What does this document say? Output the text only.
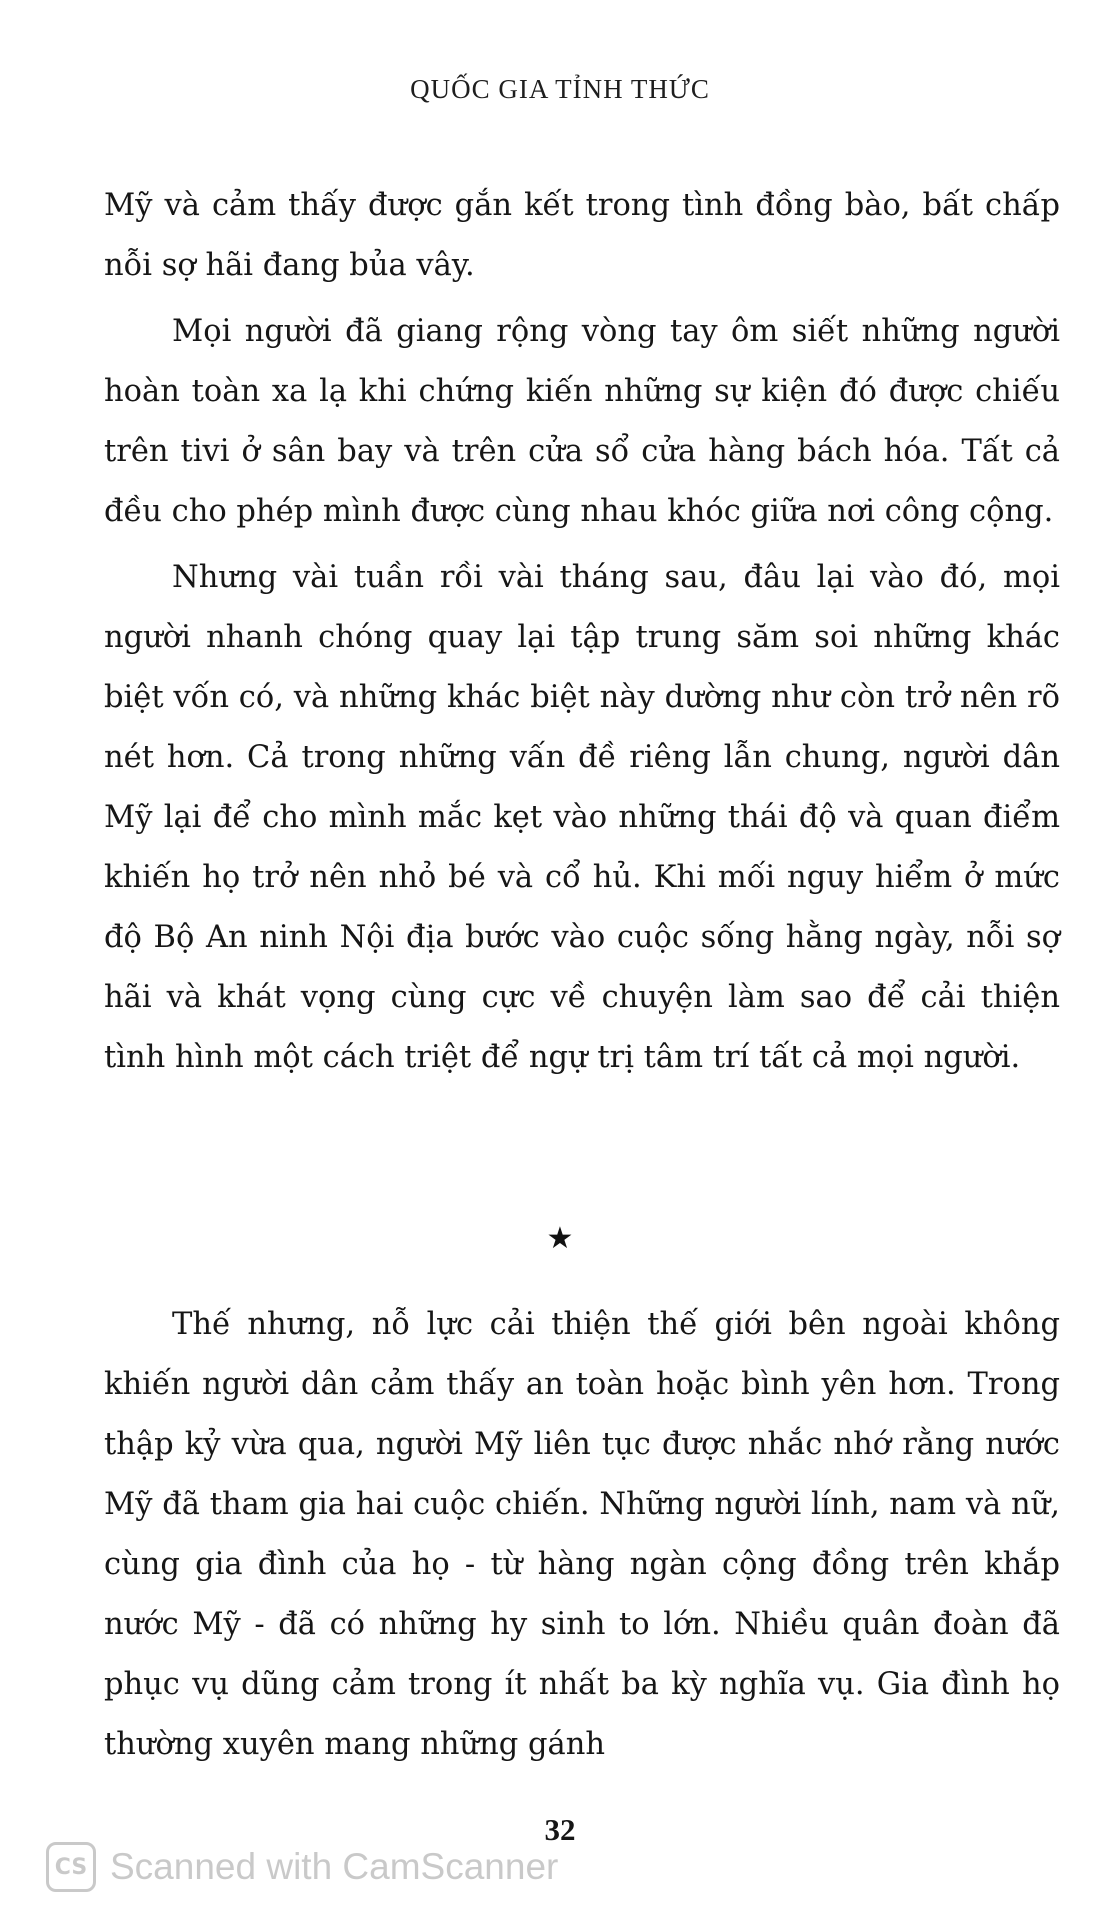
QUỐC GIA TỈNH THỨC

Mỹ và cảm thấy được gắn kết trong tình đồng bào, bất chấp nỗi sợ hãi đang bủa vây.

Mọi người đã giang rộng vòng tay ôm siết những người hoàn toàn xa lạ khi chứng kiến những sự kiện đó được chiếu trên tivi ở sân bay và trên cửa sổ cửa hàng bách hóa. Tất cả đều cho phép mình được cùng nhau khóc giữa nơi công cộng.

Nhưng vài tuần rồi vài tháng sau, đâu lại vào đó, mọi người nhanh chóng quay lại tập trung săm soi những khác biệt vốn có, và những khác biệt này dường như còn trở nên rõ nét hơn. Cả trong những vấn đề riêng lẫn chung, người dân Mỹ lại để cho mình mắc kẹt vào những thái độ và quan điểm khiến họ trở nên nhỏ bé và cổ hủ. Khi mối nguy hiểm ở mức độ Bộ An ninh Nội địa bước vào cuộc sống hằng ngày, nỗi sợ hãi và khát vọng cùng cực về chuyện làm sao để cải thiện tình hình một cách triệt để ngự trị tâm trí tất cả mọi người.

★

Thế nhưng, nỗ lực cải thiện thế giới bên ngoài không khiến người dân cảm thấy an toàn hoặc bình yên hơn. Trong thập kỷ vừa qua, người Mỹ liên tục được nhắc nhớ rằng nước Mỹ đã tham gia hai cuộc chiến. Những người lính, nam và nữ, cùng gia đình của họ - từ hàng ngàn cộng đồng trên khắp nước Mỹ - đã có những hy sinh to lớn. Nhiều quân đoàn đã phục vụ dũng cảm trong ít nhất ba kỳ nghĩa vụ. Gia đình họ thường xuyên mang những gánh

32
CS Scanned with CamScanner
